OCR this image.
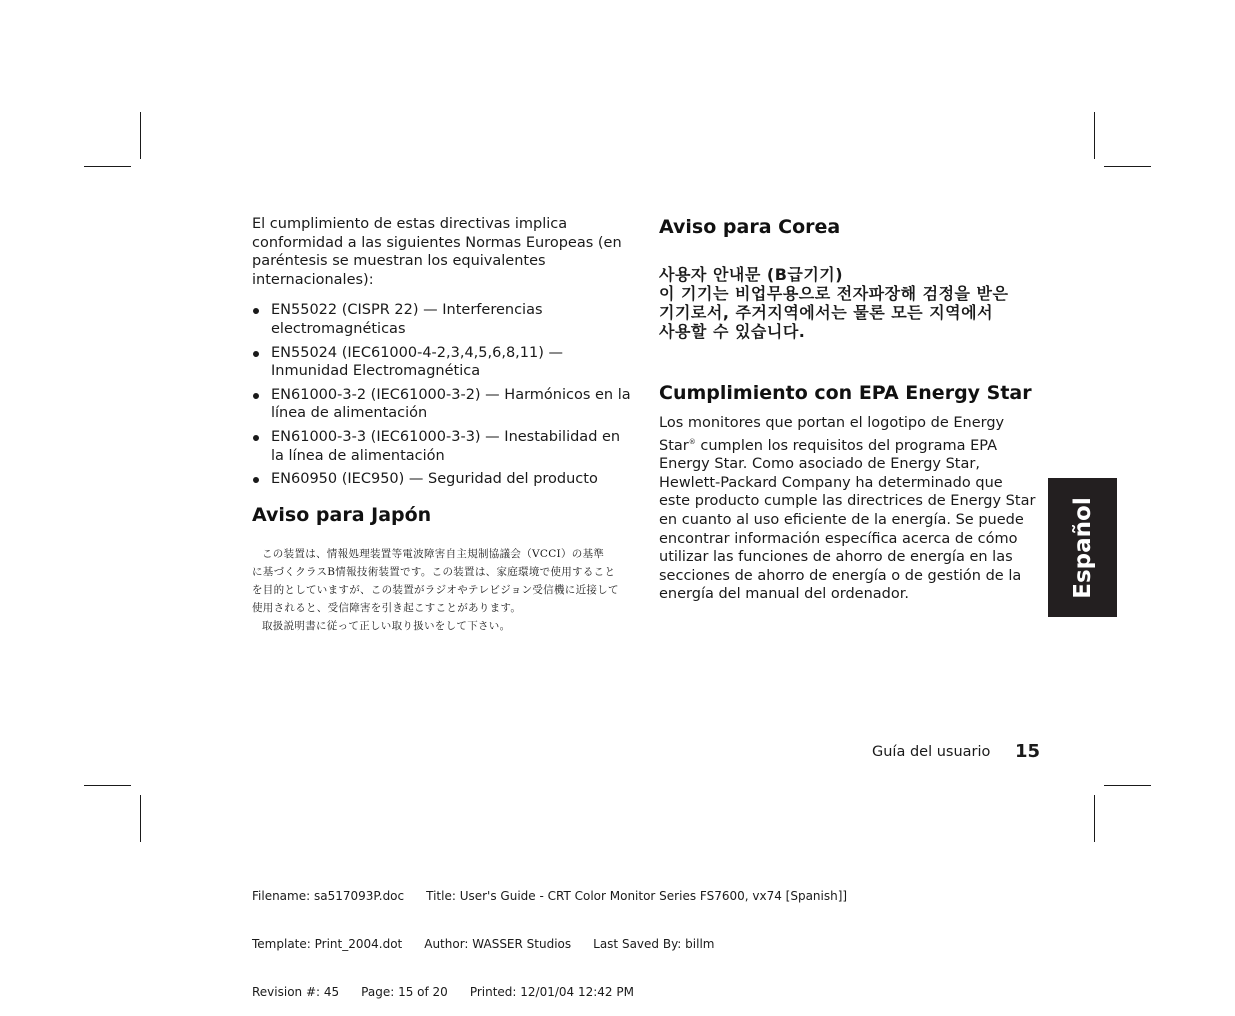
El cumplimiento de estas directivas implica conformidad a las siguientes Normas Europeas (en paréntesis se muestran los equivalentes internacionales):

EN55022 (CISPR 22) — Interferencias electromagnéticas
EN55024 (IEC61000-4-2,3,4,5,6,8,11) — Inmunidad Electromagnética
EN61000-3-2 (IEC61000-3-2) — Harmónicos en la línea de alimentación
EN61000-3-3 (IEC61000-3-3) — Inestabilidad en la línea de alimentación
EN60950 (IEC950) — Seguridad del producto
Aviso para Japón
この装置は、情報処理装置等電波障害自主規制協議会（VCCI）の基準
に基づくクラスB情報技術装置です。この装置は、家庭環境で使用すること
を目的としていますが、この装置がラジオやテレビジョン受信機に近接して
使用されると、受信障害を引き起こすことがあります。
取扱説明書に従って正しい取り扱いをして下さい。
Aviso para Corea
사용자 안내문 (B급기기)
이 기기는 비업무용으로 전자파장해 검정을 받은
기기로서, 주거지역에서는 물론 모든 지역에서
사용할 수 있습니다.
Cumplimiento con EPA Energy Star

Los monitores que portan el logotipo de Energy Star® cumplen los requisitos del programa EPA Energy Star. Como asociado de Energy Star, Hewlett-Packard Company ha determinado que este producto cumple las directrices de Energy Star en cuanto al uso eficiente de la energía. Se puede encontrar información específica acerca de cómo utilizar las funciones de ahorro de energía en las secciones de ahorro de energía o de gestión de la energía del manual del ordenador.	Español
Guía del usuario 15

Filename: sa517093P.doc Title: User's Guide - CRT Color Monitor Series FS7600, vx74 [Spanish]]

Template: Print_2004.dot Author: WASSER Studios Last Saved By: billm

Revision #: 45 Page: 15 of 20 Printed: 12/01/04 12:42 PM
